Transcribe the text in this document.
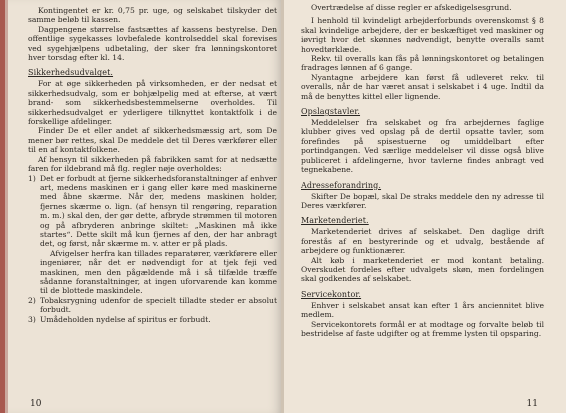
Kontingentet er kr. 0,75 pr. uge, og selskabet tilskyder det samme beløb til kassen.

Dagpengene størrelse fastsættes af kassens bestyrelse. Den offentlige sygekasses lovbefalede kontrolseddel skal forevises ved sygehjælpens udbetaling, der sker fra lønningskontoret hver torsdag efter kl. 14.

Sikkerhedsudvalget.

For at øge sikkerheden på virksomheden, er der nedsat et sikkerhedsudvalg, som er bohjælpelig med at efterse, at vært brand- som sikkerhedsbestemmelserne overholdes. Til sikkerhedsudvalget er yderligere tilknyttet kontaktfolk i de forskellige afdelinger.

Finder De et eller andet af sikkerhedsmæssig art, som De mener bør rettes, skal De meddele det til Deres værkfører eller til en af kontaktfolkene.

Af hensyn til sikkerheden på fabrikken samt for at nedsætte faren for ildebrand må flg. regler nøje overholdes:

1) Det er forbudt at fjerne sikkerhedsforanstaltninger af enhver art, medens maskinen er i gang eller køre med maskinerne med åbne skærme. Når der, medens maskinen holder, fjernes skærme o. lign. (af hensyn til rengøring, reparation m. m.) skal den, der gør dette, afbryde strømmen til motoren og på afbryderen anbringe skiltet: „Maskinen må ikke startes“. Dette skilt må kun fjernes af den, der har anbragt det, og først, når skærme m. v. atter er på plads.
Afvigelser herfra kan tillades reparatører, værkførere eller ingeniører, når det er nødvendigt for at tjek feji ved maskinen, men den pågældende må i så tilfælde træffe sådanne foranstaltninger, at ingen uforvarende kan komme til de blottede maskindele.
2) Tobaksrygning udenfor de specielt tilladte steder er absolut forbudt.
3) Umådeholden nydelse af spiritus er forbudt.
10

Overtrædelse af disse regler er afskedigelsesgrund.

I henhold til kvindeligt arbejderforbunds overenskomst § 8 skal kvindelige arbejdere, der er beskæftiget ved maskiner og iøvrigt hvor det skønnes nødvendigt, benytte overalls samt hovedtørklæde.

Rekv. til overalls kan fås på lønningskontoret og betalingen fradrages lønnen af 6 gange.

Nyantagne arbejdere kan først få udleveret rekv. til overalls, når de har været ansat i selskabet i 4 uge. Indtil da må de benyttes kittel eller lignende.

Opslagstavler.

Meddelelser fra selskabet og fra arbejdernes faglige klubber gives ved opslag på de dertil opsatte tavler, som forefindes på spisestuerne og umiddelbart efter portindgangen. Ved særlige meddelelser vil disse også blive publiceret i afdelingerne, hvor tavlerne findes anbragt ved tegnekabene.

Adresseforandring.

Skifter De bopæl, skal De straks meddele den ny adresse til Deres værkfører.

Marketenderiet.

Marketenderiet drives af selskabet. Den daglige drift forestås af en bestyrerinde og et udvalg, bestående af arbejdere og funktionærer.

Alt køb i marketenderiet er mod kontant betaling. Overskudet fordeles efter udvalgets skøn, men fordelingen skal godkendes af selskabet.

Servicekontor.

Enhver i selskabet ansat kan efter 1 års anciennitet blive medlem.

Servicekontorets formål er at modtage og forvalte beløb til bestridelse af faste udgifter og at fremme lysten til opsparing.

11
